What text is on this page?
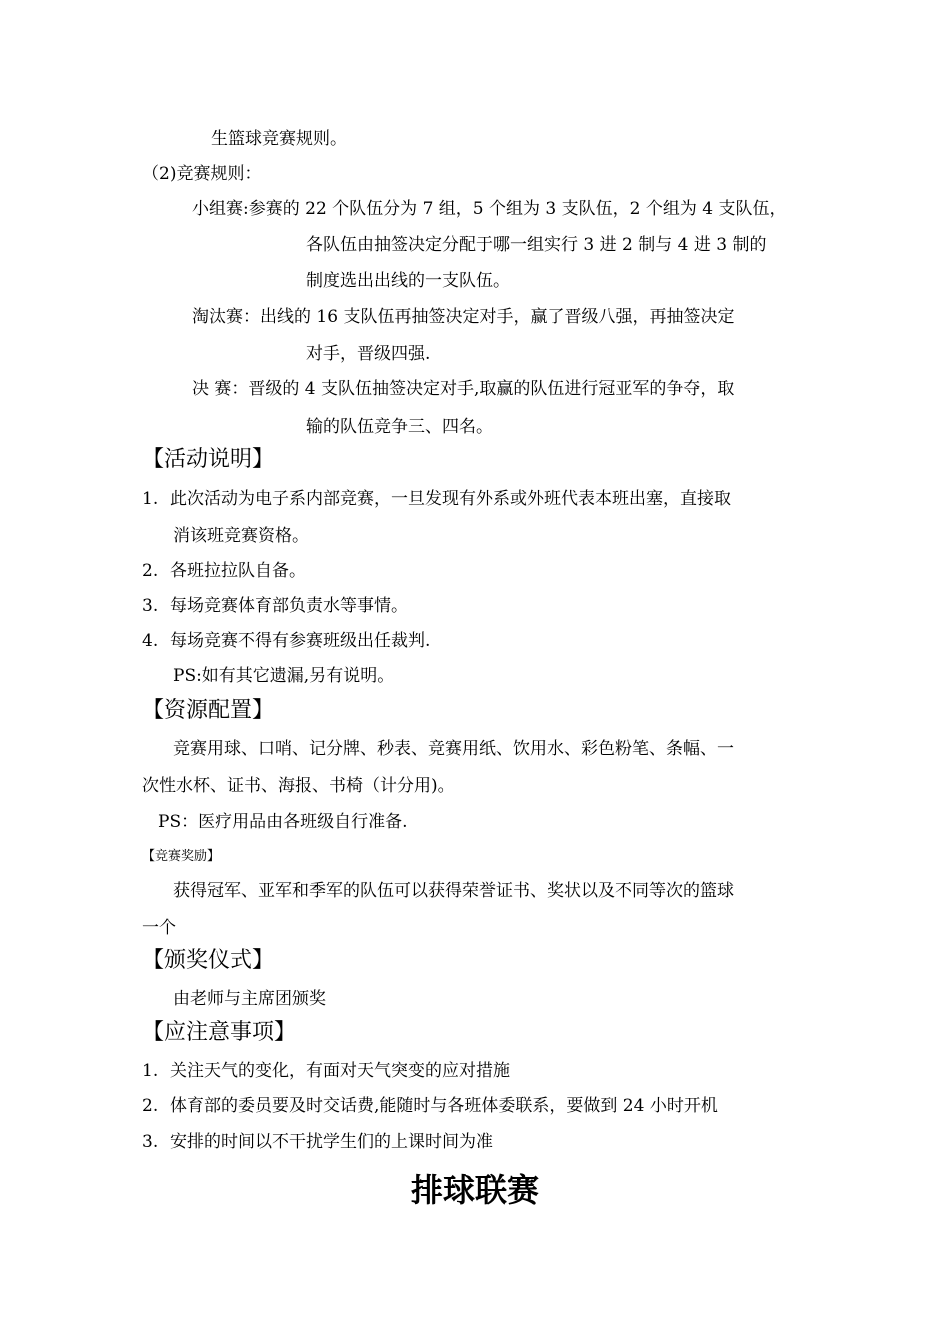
生篮球竞赛规则。
（2)竞赛规则：
小组赛:参赛的 22 个队伍分为 7 组，5 个组为 3 支队伍，2 个组为 4 支队伍，
各队伍由抽签决定分配于哪一组实行 3 进 2 制与 4 进 3 制的
制度选出出线的一支队伍。
淘汰赛：出线的 16 支队伍再抽签决定对手，赢了晋级八强，再抽签决定
对手，晋级四强.
决 赛：晋级的 4 支队伍抽签决定对手,取赢的队伍进行冠亚军的争夺，取
输的队伍竞争三、四名。
【活动说明】
1. 此次活动为电子系内部竞赛，一旦发现有外系或外班代表本班出塞，直接取
消该班竞赛资格。
2. 各班拉拉队自备。
3. 每场竞赛体育部负责水等事情。
4. 每场竞赛不得有参赛班级出任裁判.
PS:如有其它遗漏,另有说明。
【资源配置】
竞赛用球、口哨、记分牌、秒表、竞赛用纸、饮用水、彩色粉笔、条幅、一
次性水杯、证书、海报、书椅（计分用)。
PS：医疗用品由各班级自行准备.
【竞赛奖励】
获得冠军、亚军和季军的队伍可以获得荣誉证书、奖状以及不同等次的篮球
一个
【颁奖仪式】
由老师与主席团颁奖
【应注意事项】
1. 关注天气的变化，有面对天气突变的应对措施
2. 体育部的委员要及时交话费,能随时与各班体委联系，要做到 24 小时开机
3. 安排的时间以不干扰学生们的上课时间为准
排球联赛
